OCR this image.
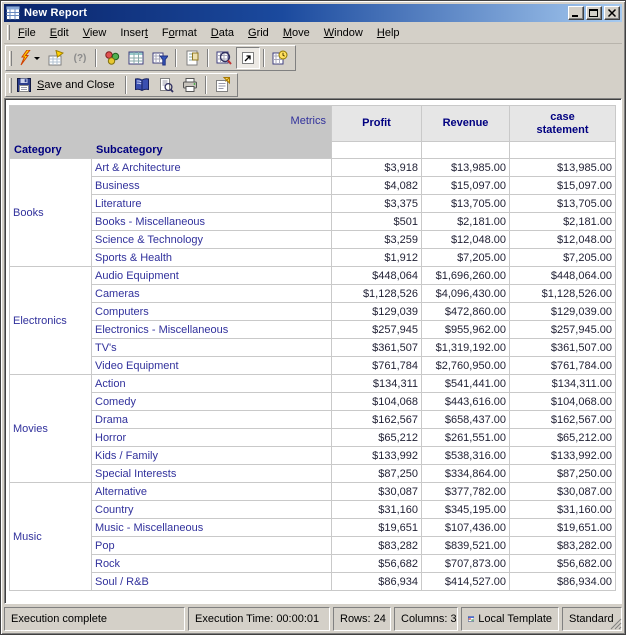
New Report
File	Edit	View	Insert	Format	Data	Grid	Move	Window	Help
(?)
Save and Close
Metrics
Category Subcategory		Profit	Revenue	case statement

Books	Art & Architecture	$3,918	$13,985.00	$13,985.00
	Business	$4,082	$15,097.00	$15,097.00
	Literature	$3,375	$13,705.00	$13,705.00
	Books - Miscellaneous	$501	$2,181.00	$2,181.00
	Science & Technology	$3,259	$12,048.00	$12,048.00
	Sports & Health	$1,912	$7,205.00	$7,205.00
Electronics	Audio Equipment	$448,064	$1,696,260.00	$448,064.00
	Cameras	$1,128,526	$4,096,430.00	$1,128,526.00
	Computers	$129,039	$472,860.00	$129,039.00
	Electronics - Miscellaneous	$257,945	$955,962.00	$257,945.00
	TV's	$361,507	$1,319,192.00	$361,507.00
	Video Equipment	$761,784	$2,760,950.00	$761,784.00
Movies	Action	$134,311	$541,441.00	$134,311.00
	Comedy	$104,068	$443,616.00	$104,068.00
	Drama	$162,567	$658,437.00	$162,567.00
	Horror	$65,212	$261,551.00	$65,212.00
	Kids / Family	$133,992	$538,316.00	$133,992.00
	Special Interests	$87,250	$334,864.00	$87,250.00
Music	Alternative	$30,087	$377,782.00	$30,087.00
	Country	$31,160	$345,195.00	$31,160.00
	Music - Miscellaneous	$19,651	$107,436.00	$19,651.00
	Pop	$83,282	$839,521.00	$83,282.00
	Rock	$56,682	$707,873.00	$56,682.00
	Soul / R&B	$86,934	$414,527.00	$86,934.00
Execution complete	Execution Time: 00:00:01 Rows: 24 Columns: 3 Local Template Standard
